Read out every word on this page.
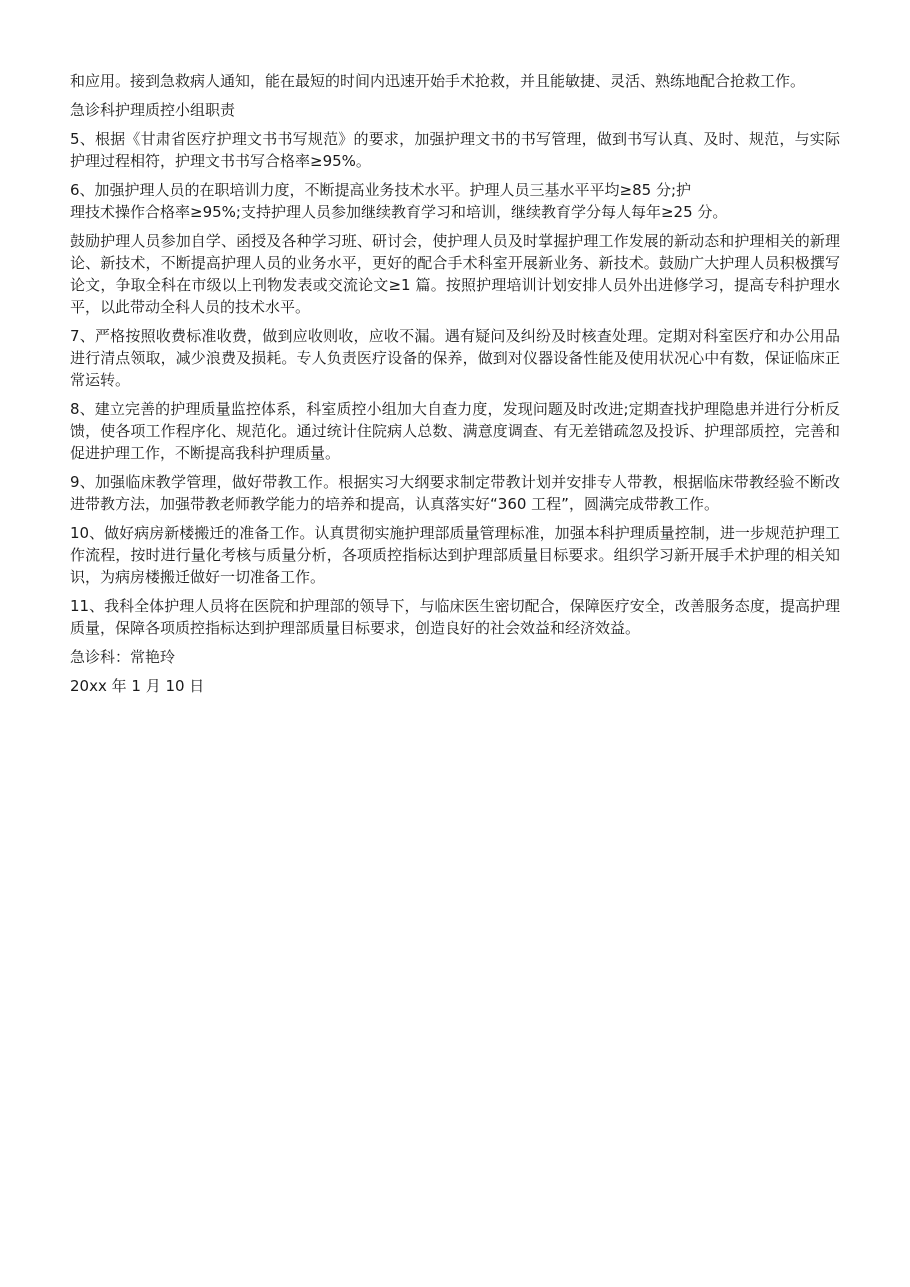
和应用。接到急救病人通知，能在最短的时间内迅速开始手术抢救，并且能敏捷、灵活、熟练地配合抢救工作。

急诊科护理质控小组职责

5、根据《甘肃省医疗护理文书书写规范》的要求，加强护理文书的书写管理，做到书写认真、及时、规范，与实际护理过程相符，护理文书书写合格率≥95%。

6、加强护理人员的在职培训力度，不断提高业务技术水平。护理人员三基水平平均≥85 分;护
理技术操作合格率≥95%;支持护理人员参加继续教育学习和培训，继续教育学分每人每年≥25 分。

鼓励护理人员参加自学、函授及各种学习班、研讨会，使护理人员及时掌握护理工作发展的新动态和护理相关的新理论、新技术，不断提高护理人员的业务水平，更好的配合手术科室开展新业务、新技术。鼓励广大护理人员积极撰写论文，争取全科在市级以上刊物发表或交流论文≥1 篇。按照护理培训计划安排人员外出进修学习，提高专科护理水平，以此带动全科人员的技术水平。

7、严格按照收费标准收费，做到应收则收，应收不漏。遇有疑问及纠纷及时核查处理。定期对科室医疗和办公用品进行清点领取，减少浪费及损耗。专人负责医疗设备的保养，做到对仪器设备性能及使用状况心中有数，保证临床正常运转。

8、建立完善的护理质量监控体系，科室质控小组加大自查力度，发现问题及时改进;定期查找护理隐患并进行分析反馈，使各项工作程序化、规范化。通过统计住院病人总数、满意度调查、有无差错疏忽及投诉、护理部质控，完善和促进护理工作，不断提高我科护理质量。

9、加强临床教学管理，做好带教工作。根据实习大纲要求制定带教计划并安排专人带教，根据临床带教经验不断改进带教方法，加强带教老师教学能力的培养和提高，认真落实好“360 工程”，圆满完成带教工作。

10、做好病房新楼搬迁的准备工作。认真贯彻实施护理部质量管理标准，加强本科护理质量控制，进一步规范护理工作流程，按时进行量化考核与质量分析，各项质控指标达到护理部质量目标要求。组织学习新开展手术护理的相关知识，为病房楼搬迁做好一切准备工作。

11、我科全体护理人员将在医院和护理部的领导下，与临床医生密切配合，保障医疗安全，改善服务态度，提高护理质量，保障各项质控指标达到护理部质量目标要求，创造良好的社会效益和经济效益。

急诊科：常艳玲

20xx 年 1 月 10 日
